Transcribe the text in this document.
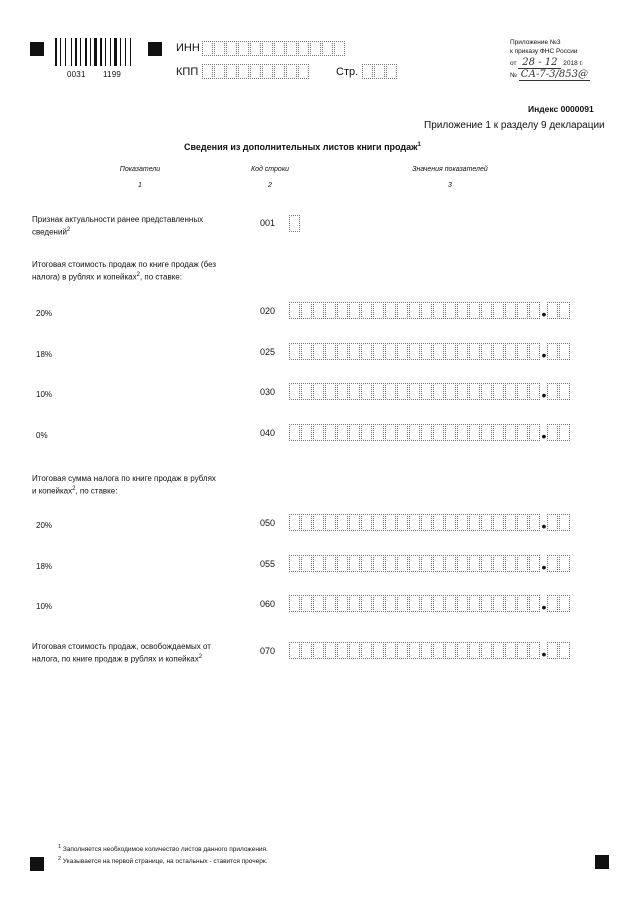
0031 1199
ИНН
КПП	Стр.
Приложение №3
к приказу ФНС России
от 28 - 12 2018 г.
№ СА-7-3/853@
Индекс 0000091
Приложение 1 к разделу 9 декларации
Сведения из дополнительных листов книги продаж$^1$
Показатели
1
Код строки
2
Значения показателей
3
Признак актуальности ранее представленных сведений$^2$
001
Итоговая стоимость продаж по книге продаж (без
налога) в рублях и копейках$^2$, по ставке:
20%	020	•
18%	025	•
10%	030	•
0%	040	•
Итоговая сумма налога по книге продаж в рублях
и копейках$^2$, по ставке:
20%	050	•
18%	055	•
10%	060	•
Итоговая стоимость продаж, освобождаемых от
налога, по книге продаж в рублях и копейках$^2$
070	•
$^1$ Заполняется необходимое количество листов данного приложения.
$^2$ Указывается на первой странице, на остальных - ставится прочерк.
